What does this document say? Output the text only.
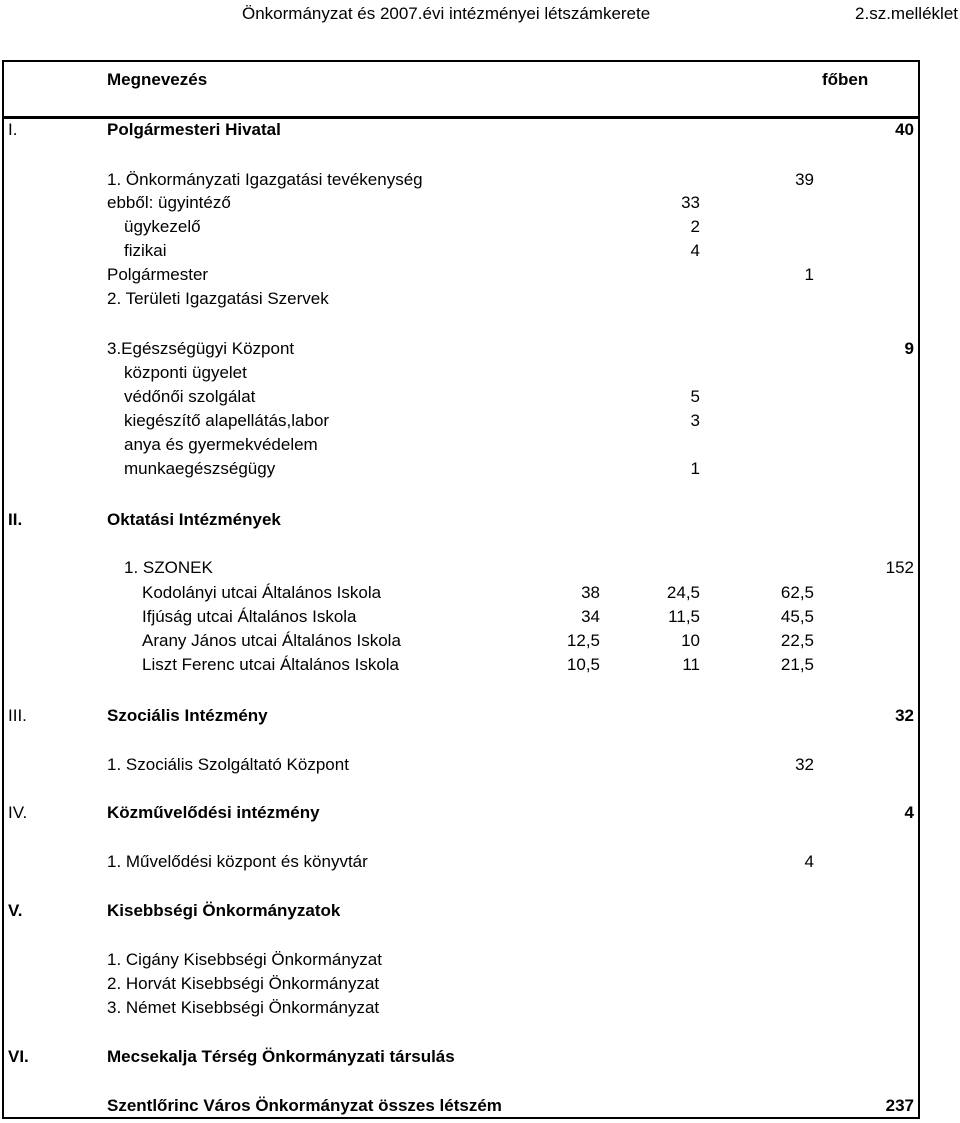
Önkormányzat és 2007.évi intézményei létszámkerete	2.sz.melléklet
Megnevezés	főben
I.	Polgármesteri Hivatal	40
1. Önkormányzati Igazgatási tevékenység	39
ebből: ügyintéző	33
ügykezelő	2
fizikai	4
Polgármester	1
2. Területi Igazgatási Szervek
3.Egészségügyi Központ	9
központi ügyelet
védőnői szolgálat	5
kiegészítő alapellátás,labor	3
anya és gyermekvédelem
munkaegészségügy	1
II.	Oktatási Intézmények
1. SZONEK	152
Kodolányi utcai Általános Iskola	38	24,5	62,5
Ifjúság utcai Általános Iskola	34	11,5	45,5
Arany János utcai Általános Iskola	12,5	10	22,5
Liszt Ferenc utcai Általános Iskola	10,5	11	21,5
III.	Szociális Intézmény	32
1. Szociális Szolgáltató Központ	32
IV.	Közművelődési intézmény	4
1. Művelődési központ és könyvtár	4
V.	Kisebbségi Önkormányzatok
1. Cigány Kisebbségi Önkormányzat
2. Horvát Kisebbségi Önkormányzat
3. Német Kisebbségi Önkormányzat
VI.	Mecsekalja Térség Önkormányzati társulás
Szentlőrinc Város Önkormányzat összes létszém	237
